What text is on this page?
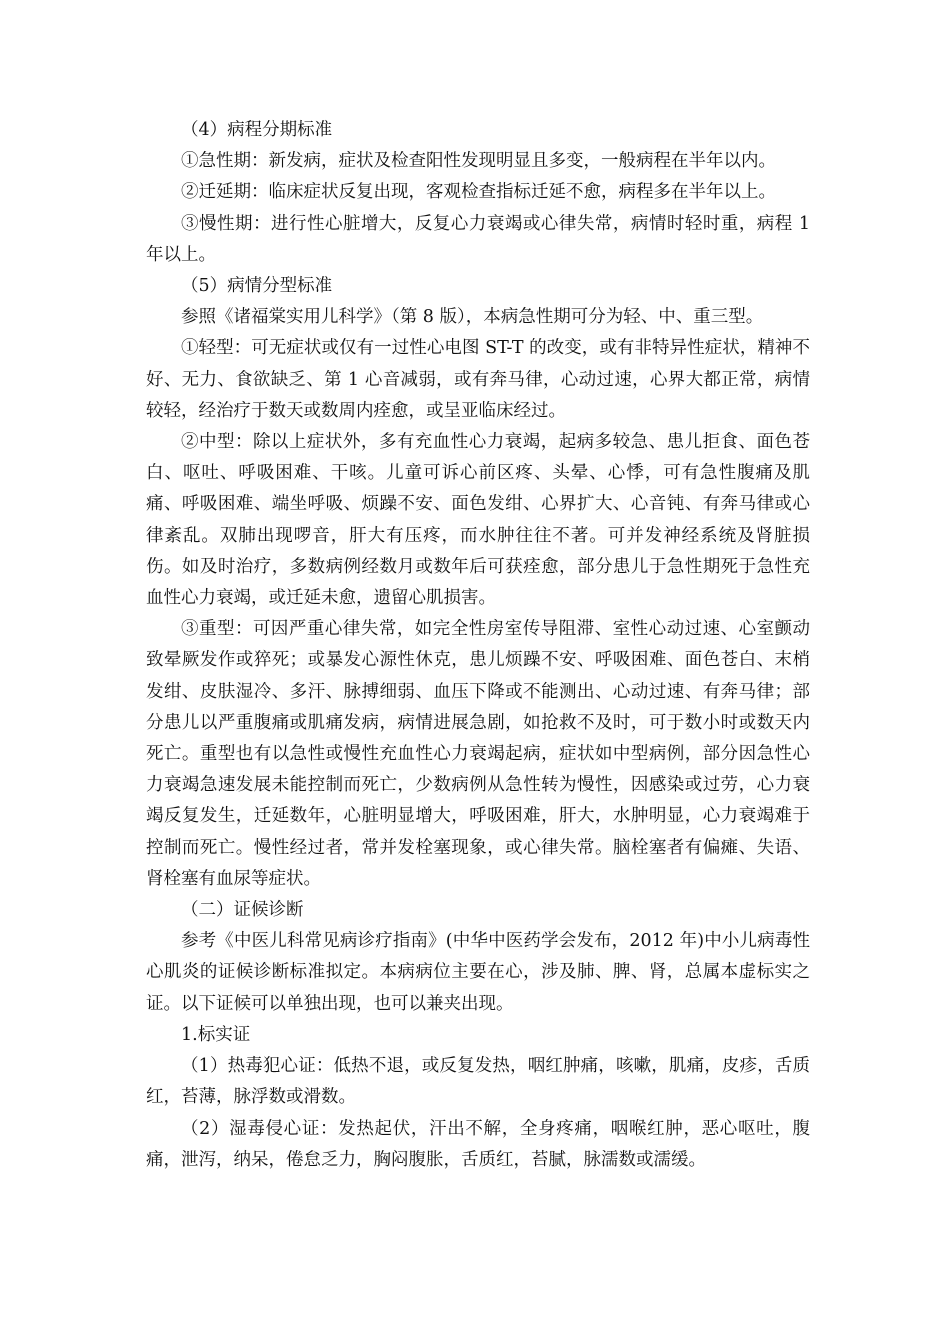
（4）病程分期标准

①急性期：新发病，症状及检查阳性发现明显且多变，一般病程在半年以内。

②迁延期：临床症状反复出现，客观检查指标迁延不愈，病程多在半年以上。

③慢性期：进行性心脏增大，反复心力衰竭或心律失常，病情时轻时重，病程 1 年以上。

（5）病情分型标准

参照《诸福棠实用儿科学》（第 8 版），本病急性期可分为轻、中、重三型。

①轻型：可无症状或仅有一过性心电图 ST-T 的改变，或有非特异性症状，精神不好、无力、食欲缺乏、第 1 心音减弱，或有奔马律，心动过速，心界大都正常，病情较轻，经治疗于数天或数周内痊愈，或呈亚临床经过。

②中型：除以上症状外，多有充血性心力衰竭，起病多较急、患儿拒食、面色苍白、呕吐、呼吸困难、干咳。儿童可诉心前区疼、头晕、心悸，可有急性腹痛及肌痛、呼吸困难、端坐呼吸、烦躁不安、面色发绀、心界扩大、心音钝、有奔马律或心律紊乱。双肺出现啰音，肝大有压疼，而水肿往往不著。可并发神经系统及肾脏损伤。如及时治疗，多数病例经数月或数年后可获痊愈，部分患儿于急性期死于急性充血性心力衰竭，或迁延未愈，遗留心肌损害。

③重型：可因严重心律失常，如完全性房室传导阻滞、室性心动过速、心室颤动致晕厥发作或猝死；或暴发心源性休克，患儿烦躁不安、呼吸困难、面色苍白、末梢发绀、皮肤湿冷、多汗、脉搏细弱、血压下降或不能测出、心动过速、有奔马律；部分患儿以严重腹痛或肌痛发病，病情进展急剧，如抢救不及时，可于数小时或数天内死亡。重型也有以急性或慢性充血性心力衰竭起病，症状如中型病例，部分因急性心力衰竭急速发展未能控制而死亡，少数病例从急性转为慢性，因感染或过劳，心力衰竭反复发生，迁延数年，心脏明显增大，呼吸困难，肝大，水肿明显，心力衰竭难于控制而死亡。慢性经过者，常并发栓塞现象，或心律失常。脑栓塞者有偏瘫、失语、肾栓塞有血尿等症状。

（二）证候诊断

参考《中医儿科常见病诊疗指南》(中华中医药学会发布，2012 年)中小儿病毒性心肌炎的证候诊断标准拟定。本病病位主要在心，涉及肺、脾、肾，总属本虚标实之证。以下证候可以单独出现，也可以兼夹出现。

1.标实证

（1）热毒犯心证：低热不退，或反复发热，咽红肿痛，咳嗽，肌痛，皮疹，舌质红，苔薄，脉浮数或滑数。

（2）湿毒侵心证：发热起伏，汗出不解，全身疼痛，咽喉红肿，恶心呕吐，腹痛，泄泻，纳呆，倦怠乏力，胸闷腹胀，舌质红，苔腻，脉濡数或濡缓。
